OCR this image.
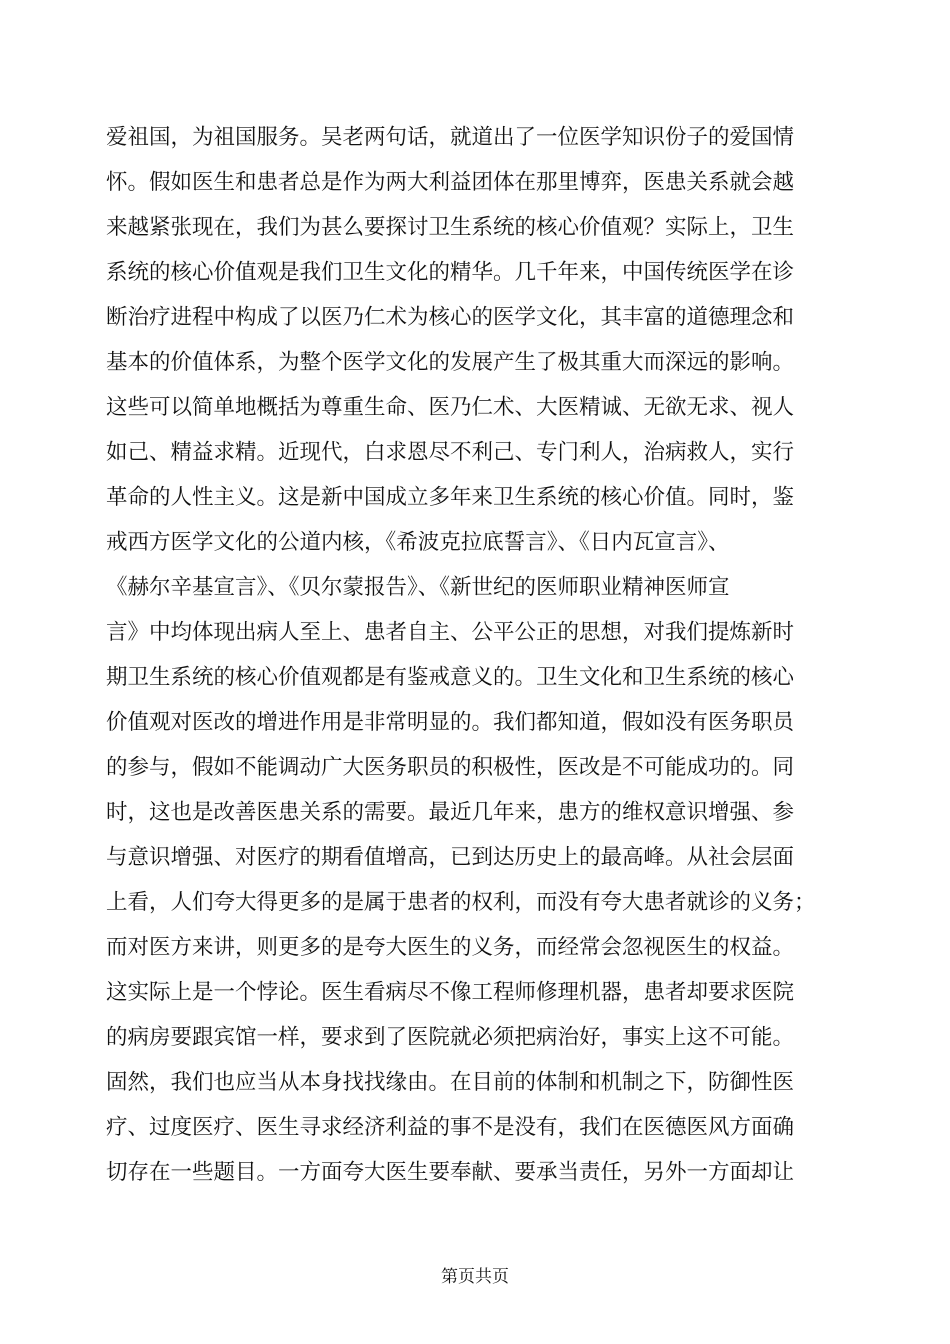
爱祖国，为祖国服务。吴老两句话，就道出了一位医学知识份子的爱国情
怀。假如医生和患者总是作为两大利益团体在那里博弈，医患关系就会越
来越紧张现在，我们为甚么要探讨卫生系统的核心价值观？实际上，卫生
系统的核心价值观是我们卫生文化的精华。几千年来，中国传统医学在诊
断治疗进程中构成了以医乃仁术为核心的医学文化，其丰富的道德理念和
基本的价值体系，为整个医学文化的发展产生了极其重大而深远的影响。
这些可以简单地概括为尊重生命、医乃仁术、大医精诚、无欲无求、视人
如己、精益求精。近现代，白求恩尽不利己、专门利人，治病救人，实行
革命的人性主义。这是新中国成立多年来卫生系统的核心价值。同时，鉴
戒西方医学文化的公道内核，《希波克拉底誓言》、《日内瓦宣言》、
《赫尔辛基宣言》、《贝尔蒙报告》、《新世纪的医师职业精神医师宣
言》中均体现出病人至上、患者自主、公平公正的思想，对我们提炼新时
期卫生系统的核心价值观都是有鉴戒意义的。卫生文化和卫生系统的核心
价值观对医改的增进作用是非常明显的。我们都知道，假如没有医务职员
的参与，假如不能调动广大医务职员的积极性，医改是不可能成功的。同
时，这也是改善医患关系的需要。最近几年来，患方的维权意识增强、参
与意识增强、对医疗的期看值增高，已到达历史上的最高峰。从社会层面
上看，人们夸大得更多的是属于患者的权利，而没有夸大患者就诊的义务；
而对医方来讲，则更多的是夸大医生的义务，而经常会忽视医生的权益。
这实际上是一个悖论。医生看病尽不像工程师修理机器，患者却要求医院
的病房要跟宾馆一样，要求到了医院就必须把病治好，事实上这不可能。
固然，我们也应当从本身找找缘由。在目前的体制和机制之下，防御性医
疗、过度医疗、医生寻求经济利益的事不是没有，我们在医德医风方面确
切存在一些题目。一方面夸大医生要奉献、要承当责任，另外一方面却让
第页共页
